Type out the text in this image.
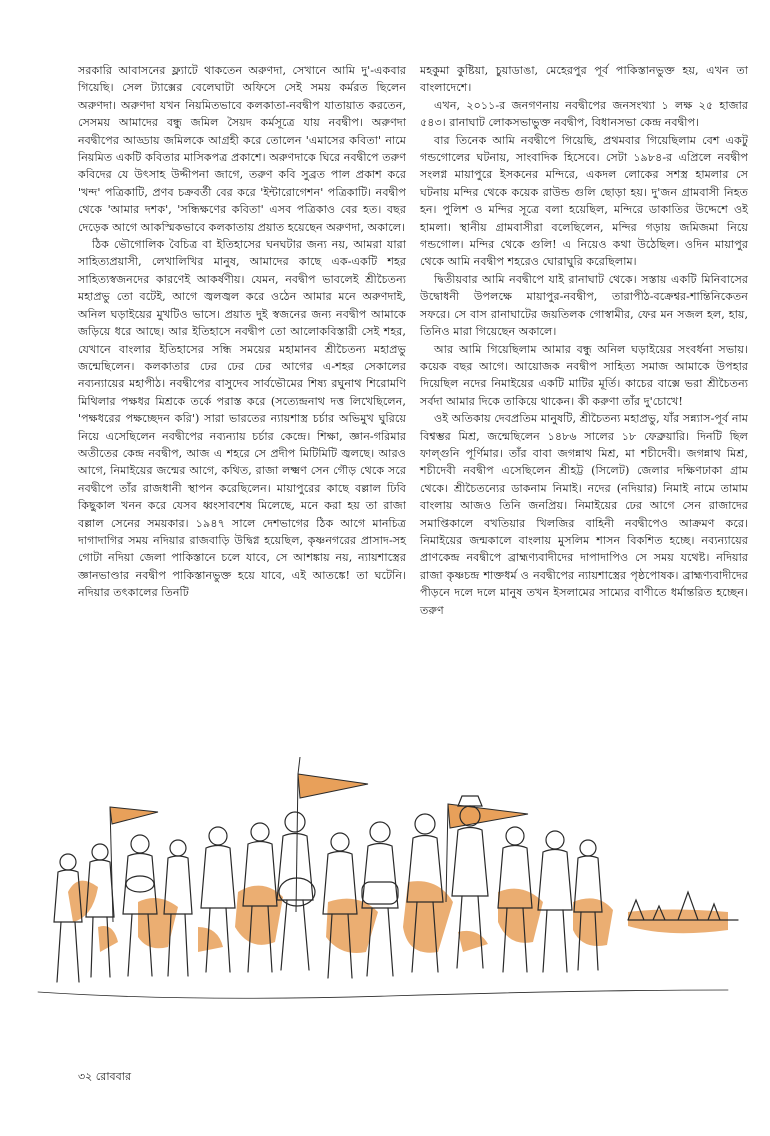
সরকারি আবাসনের ফ্ল্যাটে থাকতেন অরুণদা, সেখানে আমি দু'-একবার গিয়েছি। সেল ট্যাক্সের বেলেঘাটা অফিসে সেই সময় কর্মরত ছিলেন অরুণদা। অরুণদা যখন নিয়মিতভাবে কলকাতা-নবদ্বীপ যাতায়াত করতেন, সেসময় আমাদের বন্ধু জমিল সৈয়দ কর্মসূত্রে যায় নবদ্বীপ। অরুণদা নবদ্বীপের আড্ডায় জমিলকে আগ্রহী করে তোলেন 'এমাসের কবিতা' নামে নিয়মিত একটি কবিতার মাসিকপত্র প্রকাশে। অরুণদাকে ঘিরে নবদ্বীপে তরুণ কবিদের যে উৎসাহ উদ্দীপনা জাগে, তরুণ কবি সুব্রত পাল প্রকাশ করে 'খন্দ' পত্রিকাটি, প্রণব চক্রবর্তী বের করে 'ইন্টারোগেশন' পত্রিকাটি। নবদ্বীপ থেকে 'আমার দশক', 'সন্ধিক্ষণের কবিতা' এসব পত্রিকাও বের হত। বছর দেড়েক আগে আকস্মিকভাবে কলকাতায় প্রয়াত হয়েছেন অরুণদা, অকালে।

ঠিক ভৌগোলিক বৈচিত্র বা ইতিহাসের ঘনঘটার জন্য নয়, আমরা যারা সাহিত্যপ্রয়াসী, লেখালিখির মানুষ, আমাদের কাছে এক-একটি শহর সাহিত্যস্বজনদের কারণেই আকর্ষণীয়। যেমন, নবদ্বীপ ভাবলেই শ্রীচৈতন্য মহাপ্রভু তো বটেই, আগে জ্বলজ্বল করে ওঠেন আমার মনে অরুণদাই, অনিল ঘড়াইয়ের মুখটিও ভাসে। প্রয়াত দুই স্বজনের জন্য নবদ্বীপ আমাকে জড়িয়ে ধরে আছে। আর ইতিহাসে নবদ্বীপ তো আলোকবিস্তারী সেই শহর, যেখানে বাংলার ইতিহাসের সন্ধি সময়ের মহামানব শ্রীচৈতন্য মহাপ্রভু জন্মেছিলেন। কলকাতার ঢের ঢের ঢের আগের এ-শহর সেকালের নব্যন্যায়ের মহাপীঠ। নবদ্বীপের বাসুদেব সার্বভৌমের শিষ্য রঘুনাথ শিরোমণি মিথিলার পক্ষধর মিশ্রকে তর্কে পরাস্ত করে (সত্যেন্দ্রনাথ দত্ত লিখেছিলেন, 'পক্ষধরের পক্ষচ্ছেদন করি') সারা ভারতের ন্যায়শাস্ত্র চর্চার অভিমুখ ঘুরিয়ে নিয়ে এসেছিলেন নবদ্বীপের নব্যন্যায় চর্চার কেন্দ্রে। শিক্ষা, জ্ঞান-গরিমার অতীতের কেন্দ্র নবদ্বীপ, আজ এ শহরে সে প্রদীপ মিটিমিটি জ্বলছে। আরও আগে, নিমাইয়ের জন্মের আগে, কথিত, রাজা লক্ষ্মণ সেন গৌড় থেকে সরে নবদ্বীপে তাঁর রাজধানী স্থাপন করেছিলেন। মায়াপুরের কাছে বল্লাল ঢিবি কিছুকাল খনন করে যেসব ধ্বংসাবশেষ মিলেছে, মনে করা হয় তা রাজা বল্লাল সেনের সময়কার। ১৯৪৭ সালে দেশভাগের ঠিক আগে মানচিত্র দাগাদাগির সময় নদিয়ার রাজবাড়ি উদ্বিগ্ন হয়েছিল, কৃষ্ণনগরের প্রাসাদ-সহ গোটা নদিয়া জেলা পাকিস্তানে চলে যাবে, সে আশঙ্কায় নয়, ন্যায়শাস্ত্রের জ্ঞানভাণ্ডার নবদ্বীপ পাকিস্তানভুক্ত হয়ে যাবে, এই আতঙ্কে! তা ঘটেনি। নদিয়ার তৎকালের তিনটি

মহকুমা কুষ্টিয়া, চুয়াডাঙা, মেহেরপুর পূর্ব পাকিস্তানভুক্ত হয়, এখন তা বাংলাদেশে।

এখন, ২০১১-র জনগণনায় নবদ্বীপের জনসংখ্যা ১ লক্ষ ২৫ হাজার ৫৪৩। রানাঘাট লোকসভাভুক্ত নবদ্বীপ, বিধানসভা কেন্দ্র নবদ্বীপ।

বার তিনেক আমি নবদ্বীপে গিয়েছি, প্রথমবার গিয়েছিলাম বেশ একটু গন্ডগোলের ঘটনায়, সাংবাদিক হিসেবে। সেটা ১৯৮৪-র এপ্রিলে নবদ্বীপ সংলগ্ন মায়াপুরে ইসকনের মন্দিরে, একদল লোকের সশস্ত্র হামলার সে ঘটনায় মন্দির থেকে কয়েক রাউন্ড গুলি ছোড়া হয়। দু'জন গ্রামবাসী নিহত হন। পুলিশ ও মন্দির সূত্রে বলা হয়েছিল, মন্দিরে ডাকাতির উদ্দেশে ওই হামলা। স্থানীয় গ্রামবাসীরা বলেছিলেন, মন্দির গড়ায় জমিজমা নিয়ে গন্ডগোল। মন্দির থেকে গুলি! এ নিয়েও কথা উঠেছিল। ওদিন মায়াপুর থেকে আমি নবদ্বীপ শহরেও ঘোরাঘুরি করেছিলাম।

দ্বিতীয়বার আমি নবদ্বীপে যাই রানাঘাট থেকে। সস্তায় একটি মিনিবাসের উদ্বোধনী উপলক্ষে মায়াপুর-নবদ্বীপ, তারাপীঠ-বক্রেশ্বর-শান্তিনিকেতন সফরে। সে বাস রানাঘাটের জয়তিলক গোস্বামীর, ফের মন সজল হল, হায়, তিনিও মারা গিয়েছেন অকালে।

আর আমি গিয়েছিলাম আমার বন্ধু অনিল ঘড়াইয়ের সংবর্ধনা সভায়। কয়েক বছর আগে। আয়োজক নবদ্বীপ সাহিত্য সমাজ আমাকে উপহার দিয়েছিল নদের নিমাইয়ের একটি মাটির মূর্তি। কাচের বাক্সে ভরা শ্রীচৈতন্য সর্বদা আমার দিকে তাকিয়ে থাকেন। কী করুণা তাঁর দু'চোখে!

ওই অতিকায় দেবপ্রতিম মানুষটি, শ্রীচৈতন্য মহাপ্রভু, যাঁর সন্ন্যাস-পূর্ব নাম বিশ্বম্ভর মিশ্র, জন্মেছিলেন ১৪৮৬ সালের ১৮ ফেব্রুয়ারি। দিনটি ছিল ফাল্গুনি পূর্ণিমার। তাঁর বাবা জগন্নাথ মিশ্র, মা শচীদেবী। জগন্নাথ মিশ্র, শচীদেবী নবদ্বীপ এসেছিলেন শ্রীহট্ট (সিলেট) জেলার দক্ষিণঢাকা গ্রাম থেকে। শ্রীচৈতন্যের ডাকনাম নিমাই। নদের (নদিয়ার) নিমাই নামে তামাম বাংলায় আজও তিনি জনপ্রিয়। নিমাইয়ের ঢের আগে সেন রাজাদের সমাপ্তিকালে বখতিয়ার খিলজির বাহিনী নবদ্বীপেও আক্রমণ করে। নিমাইয়ের জন্মকালে বাংলায় মুসলিম শাসন বিকশিত হচ্ছে। নব্যন্যায়ের প্রাণকেন্দ্র নবদ্বীপে ব্রাহ্মণ্যবাদীদের দাপাদাপিও সে সময় যথেষ্ট। নদিয়ার রাজা কৃষ্ণচন্দ্র শাক্তধর্ম ও নবদ্বীপের ন্যায়শাস্ত্রের পৃষ্ঠপোষক। ব্রাহ্মণ্যবাদীদের পীড়নে দলে দলে মানুষ তখন ইসলামের সাম্যের বাণীতে ধর্মান্তরিত হচ্ছেন। তরুণ

৩২ রোববার
